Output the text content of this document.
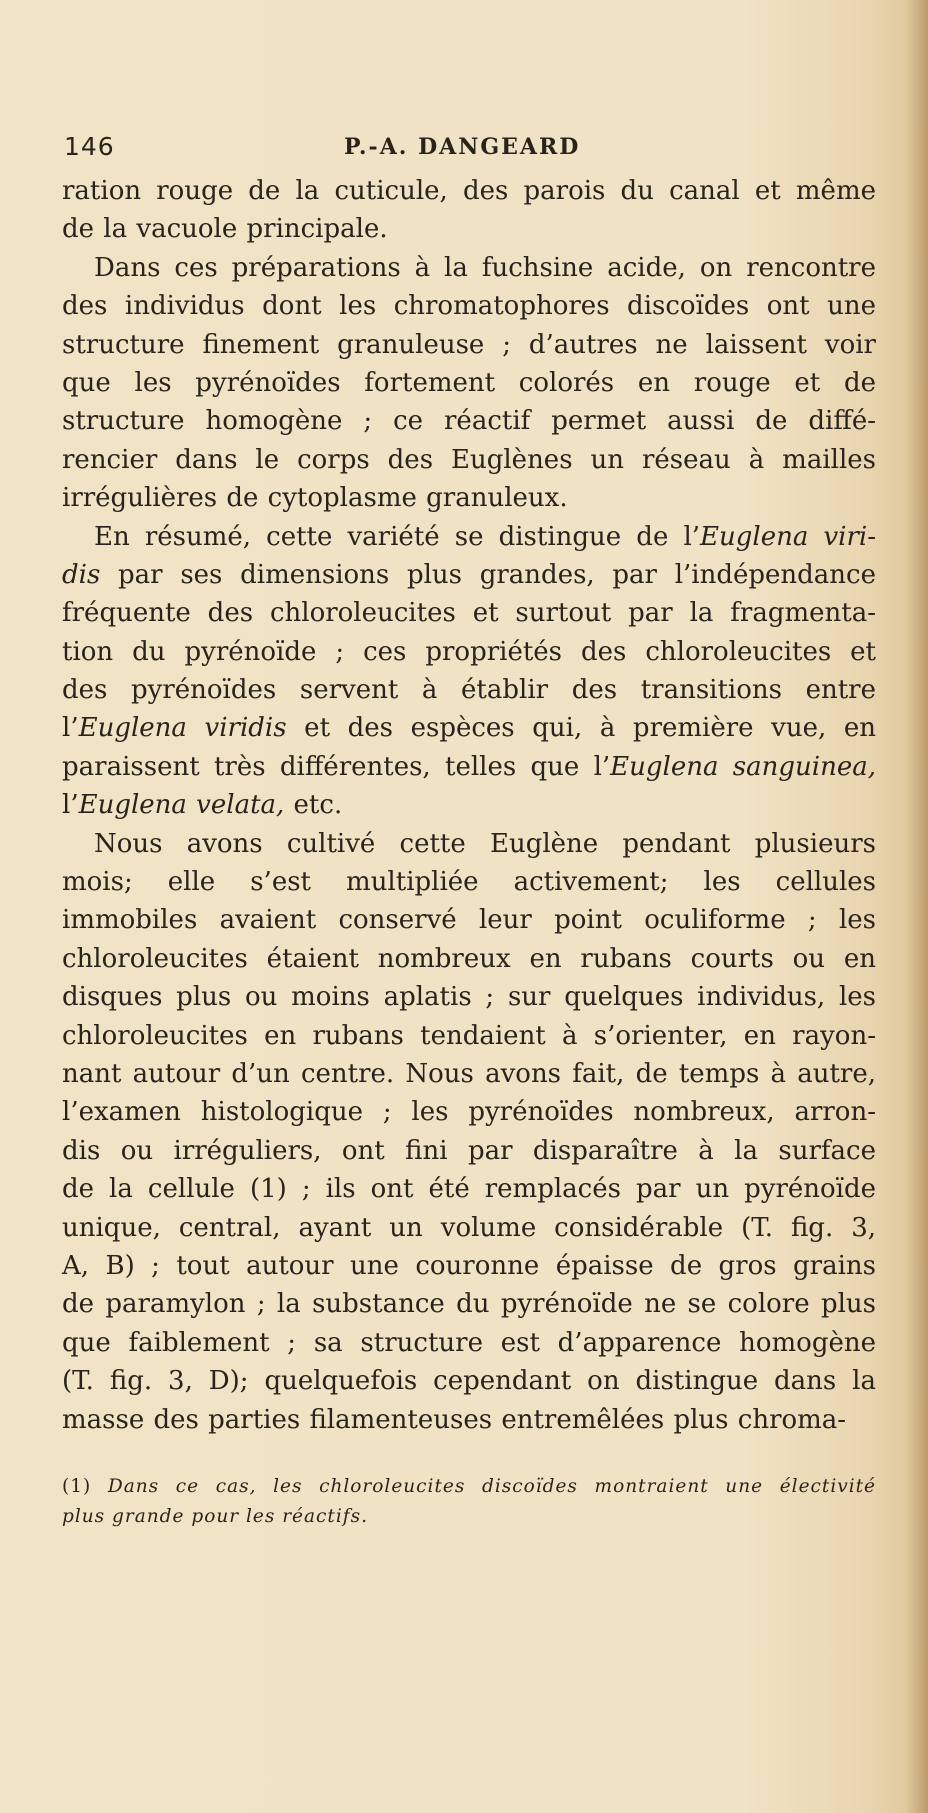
146	P.-A. DANGEARD
ration rouge de la cuticule, des parois du canal et même
de la vacuole principale.
Dans ces préparations à la fuchsine acide, on rencontre
des individus dont les chromatophores discoïdes ont une
structure finement granuleuse ; d’autres ne laissent voir
que les pyrénoïdes fortement colorés en rouge et de
structure homogène ; ce réactif permet aussi de diffé-
rencier dans le corps des Euglènes un réseau à mailles
irrégulières de cytoplasme granuleux.
En résumé, cette variété se distingue de l’Euglena viri-
dis par ses dimensions plus grandes, par l’indépendance
fréquente des chloroleucites et surtout par la fragmenta-
tion du pyrénoïde ; ces propriétés des chloroleucites et
des pyrénoïdes servent à établir des transitions entre
l’Euglena viridis et des espèces qui, à première vue, en
paraissent très différentes, telles que l’Euglena sanguinea,
l’Euglena velata, etc.
Nous avons cultivé cette Euglène pendant plusieurs
mois; elle s’est multipliée activement; les cellules
immobiles avaient conservé leur point oculiforme ; les
chloroleucites étaient nombreux en rubans courts ou en
disques plus ou moins aplatis ; sur quelques individus, les
chloroleucites en rubans tendaient à s’orienter, en rayon-
nant autour d’un centre. Nous avons fait, de temps à autre,
l’examen histologique ; les pyrénoïdes nombreux, arron-
dis ou irréguliers, ont fini par disparaître à la surface
de la cellule (1) ; ils ont été remplacés par un pyrénoïde
unique, central, ayant un volume considérable (T. fig. 3,
A, B) ; tout autour une couronne épaisse de gros grains
de paramylon ; la substance du pyrénoïde ne se colore plus
que faiblement ; sa structure est d’apparence homogène
(T. fig. 3, D); quelquefois cependant on distingue dans la
masse des parties filamenteuses entremêlées plus chroma-
(1) Dans ce cas, les chloroleucites discoïdes montraient une électivité
plus grande pour les réactifs.
